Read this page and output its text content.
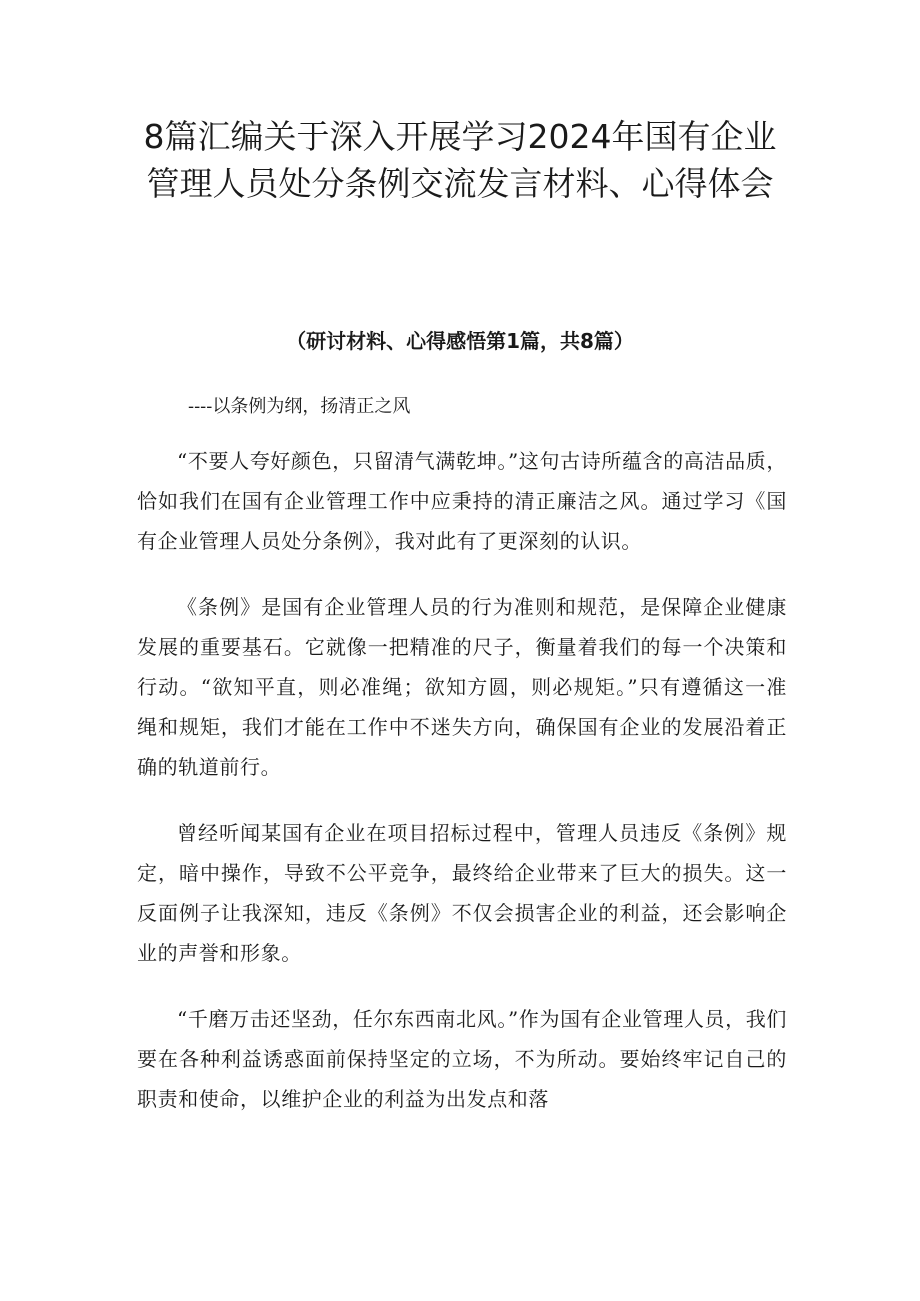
8篇汇编关于深入开展学习2024年国有企业管理人员处分条例交流发言材料、心得体会
（研讨材料、心得感悟第1篇，共8篇）

----以条例为纲，扬清正之风

“不要人夸好颜色，只留清气满乾坤。”这句古诗所蕴含的高洁品质，恰如我们在国有企业管理工作中应秉持的清正廉洁之风。通过学习《国有企业管理人员处分条例》，我对此有了更深刻的认识。

《条例》是国有企业管理人员的行为准则和规范，是保障企业健康发展的重要基石。它就像一把精准的尺子，衡量着我们的每一个决策和行动。“欲知平直，则必准绳；欲知方圆，则必规矩。”只有遵循这一准绳和规矩，我们才能在工作中不迷失方向，确保国有企业的发展沿着正确的轨道前行。

曾经听闻某国有企业在项目招标过程中，管理人员违反《条例》规定，暗中操作，导致不公平竞争，最终给企业带来了巨大的损失。这一反面例子让我深知，违反《条例》不仅会损害企业的利益，还会影响企业的声誉和形象。

“千磨万击还坚劲，任尔东西南北风。”作为国有企业管理人员，我们要在各种利益诱惑面前保持坚定的立场，不为所动。要始终牢记自己的职责和使命，以维护企业的利益为出发点和落
